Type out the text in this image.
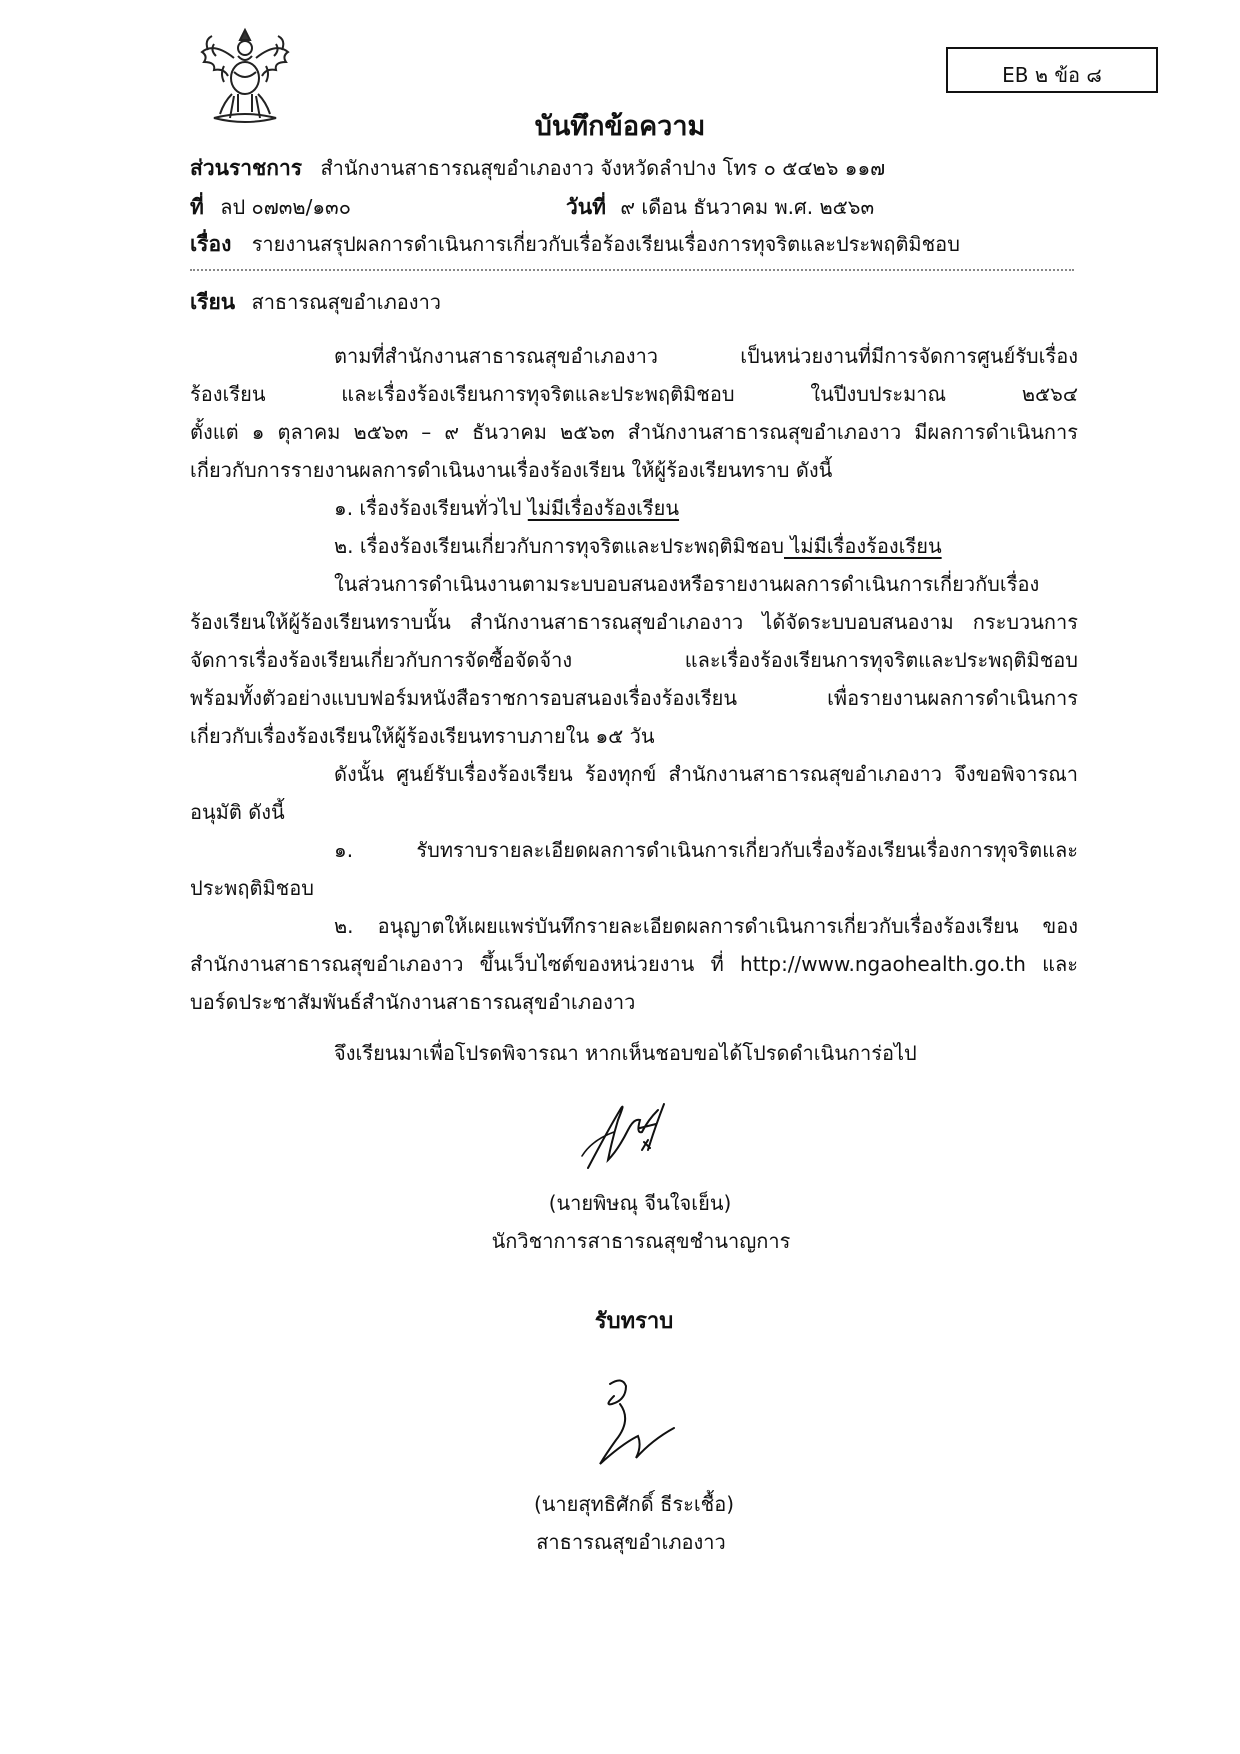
EB ๒ ข้อ ๘
บันทึกข้อความ
ส่วนราชการ สำนักงานสาธารณสุขอำเภองาว จังหวัดลำปาง โทร ๐ ๕๔๒๖ ๑๑๗
ที่ ลป ๐๗๓๒/๑๓๐	วันที่ ๙ เดือน ธันวาคม พ.ศ. ๒๕๖๓
เรื่อง รายงานสรุปผลการดำเนินการเกี่ยวกับเรื่อร้องเรียนเรื่องการทุจริตและประพฤติมิชอบ
เรียน สาธารณสุขอำเภองาว
ตามที่สำนักงานสาธารณสุขอำเภองาว เป็นหน่วยงานที่มีการจัดการศูนย์รับเรื่อง
ร้องเรียน และเรื่องร้องเรียนการทุจริตและประพฤติมิชอบ ในปีงบประมาณ ๒๕๖๔
ตั้งแต่ ๑ ตุลาคม ๒๕๖๓ – ๙ ธันวาคม ๒๕๖๓ สำนักงานสาธารณสุขอำเภองาว มีผลการดำเนินการ
เกี่ยวกับการรายงานผลการดำเนินงานเรื่องร้องเรียน ให้ผู้ร้องเรียนทราบ ดังนี้
๑. เรื่องร้องเรียนทั่วไป ไม่มีเรื่องร้องเรียน
๒. เรื่องร้องเรียนเกี่ยวกับการทุจริตและประพฤติมิชอบ ไม่มีเรื่องร้องเรียน
ในส่วนการดำเนินงานตามระบบอบสนองหรือรายงานผลการดำเนินการเกี่ยวกับเรื่อง
ร้องเรียนให้ผู้ร้องเรียนทราบนั้น สำนักงานสาธารณสุขอำเภองาว ได้จัดระบบอบสนองาม กระบวนการ
จัดการเรื่องร้องเรียนเกี่ยวกับการจัดซื้อจัดจ้าง และเรื่องร้องเรียนการทุจริตและประพฤติมิชอบ
พร้อมทั้งตัวอย่างแบบฟอร์มหนังสือราชการอบสนองเรื่องร้องเรียน เพื่อรายงานผลการดำเนินการ
เกี่ยวกับเรื่องร้องเรียนให้ผู้ร้องเรียนทราบภายใน ๑๕ วัน
ดังนั้น ศูนย์รับเรื่องร้องเรียน ร้องทุกข์ สำนักงานสาธารณสุขอำเภองาว จึงขอพิจารณา
อนุมัติ ดังนี้
๑. รับทราบรายละเอียดผลการดำเนินการเกี่ยวกับเรื่องร้องเรียนเรื่องการทุจริตและ
ประพฤติมิชอบ
๒. อนุญาตให้เผยแพร่บันทึกรายละเอียดผลการดำเนินการเกี่ยวกับเรื่องร้องเรียน ของ
สำนักงานสาธารณสุขอำเภองาว ขึ้นเว็บไซต์ของหน่วยงาน ที่ http://www.ngaohealth.go.th และ
บอร์ดประชาสัมพันธ์สำนักงานสาธารณสุขอำเภองาว
จึงเรียนมาเพื่อโปรดพิจารณา หากเห็นชอบขอได้โปรดดำเนินการ่อไป
(นายพิษณุ จีนใจเย็น)
นักวิชาการสาธารณสุขชำนาญการ
รับทราบ
(นายสุทธิศักดิ์ ธีระเชื้อ)
สาธารณสุขอำเภองาว
